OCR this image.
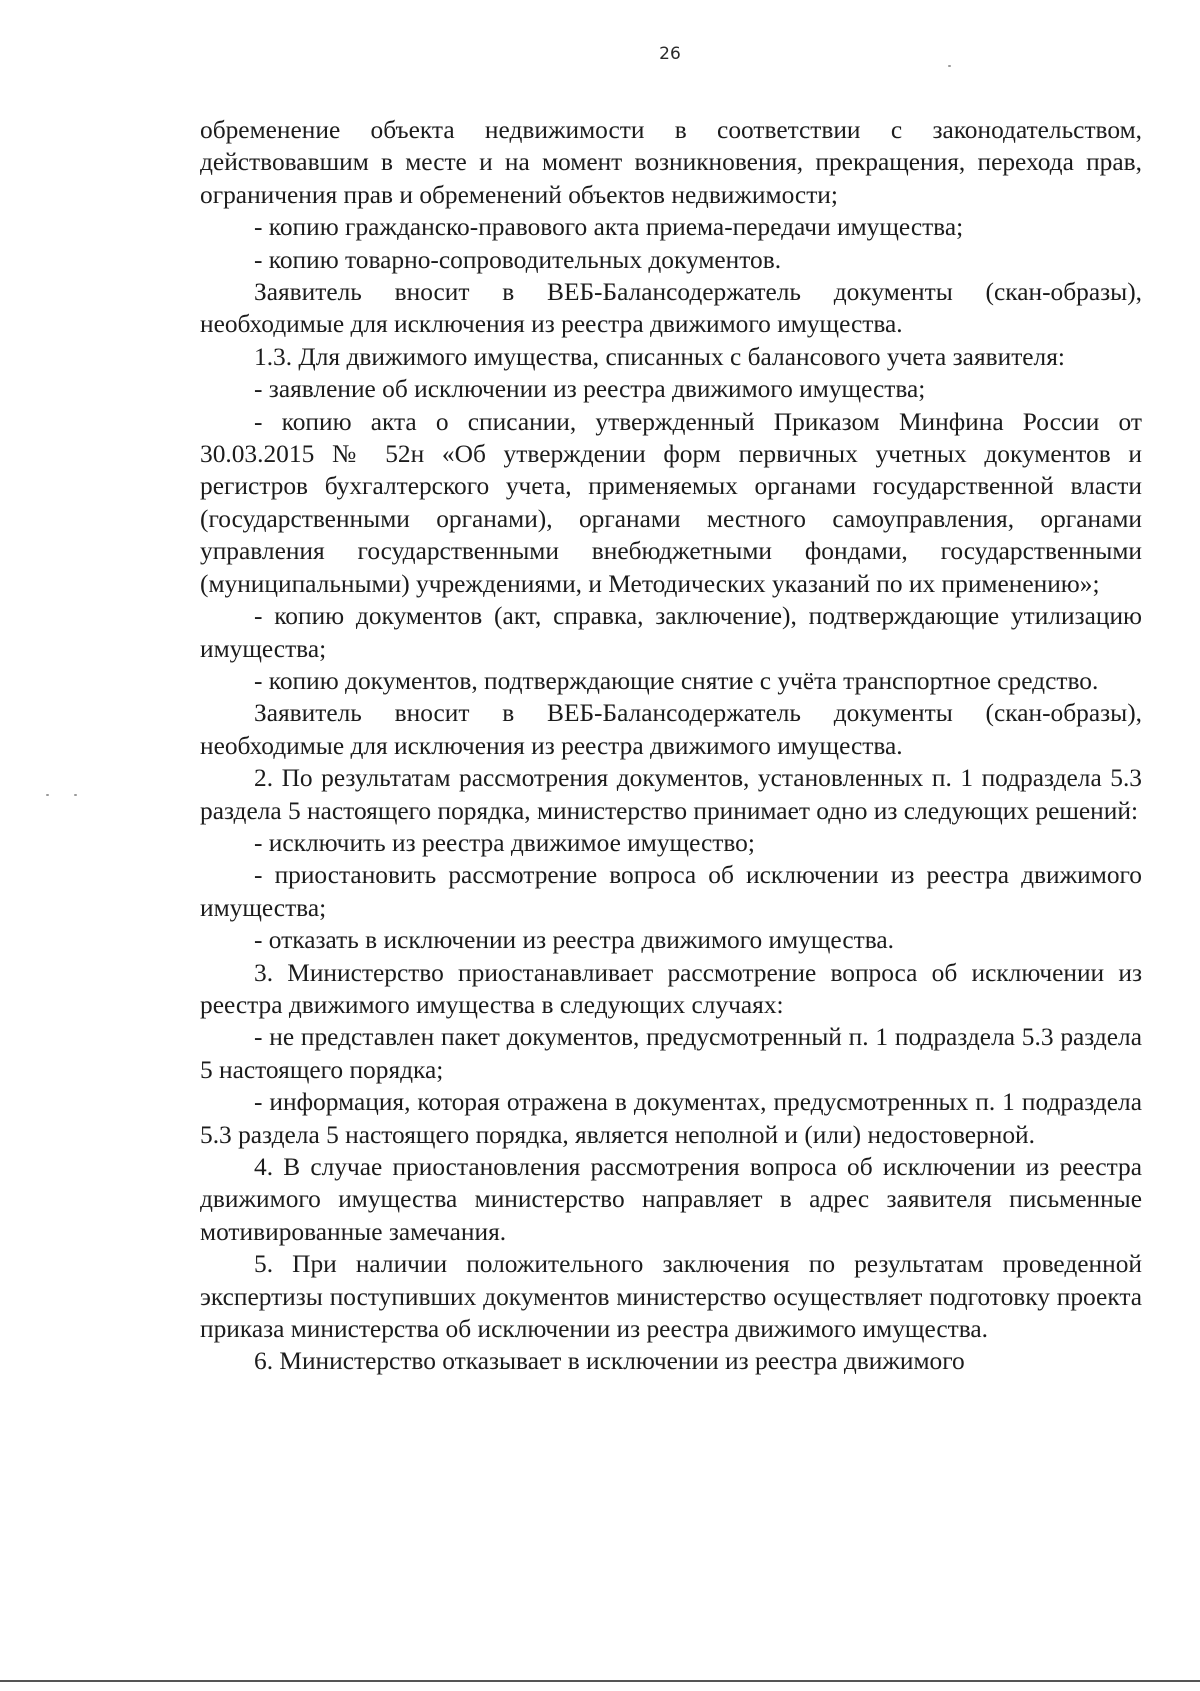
26

обременение объекта недвижимости в соответствии с законодательством, действовавшим в месте и на момент возникновения, прекращения, перехода прав, ограничения прав и обременений объектов недвижимости;

- копию гражданско-правового акта приема-передачи имущества;

- копию товарно-сопроводительных документов.

Заявитель вносит в ВЕБ-Балансодержатель документы (скан-образы), необходимые для исключения из реестра движимого имущества.

1.3. Для движимого имущества, списанных с балансового учета заявителя:

- заявление об исключении из реестра движимого имущества;

- копию акта о списании, утвержденный Приказом Минфина России от 30.03.2015 № 52н «Об утверждении форм первичных учетных документов и регистров бухгалтерского учета, применяемых органами государственной власти (государственными органами), органами местного самоуправления, органами управления государственными внебюджетными фондами, государственными (муниципальными) учреждениями, и Методических указаний по их применению»;

- копию документов (акт, справка, заключение), подтверждающие утилизацию имущества;

- копию документов, подтверждающие снятие с учёта транспортное средство.

Заявитель вносит в ВЕБ-Балансодержатель документы (скан-образы), необходимые для исключения из реестра движимого имущества.

2. По результатам рассмотрения документов, установленных п. 1 подраздела 5.3 раздела 5 настоящего порядка, министерство принимает одно из следующих решений:

- исключить из реестра движимое имущество;

- приостановить рассмотрение вопроса об исключении из реестра движимого имущества;

- отказать в исключении из реестра движимого имущества.

3. Министерство приостанавливает рассмотрение вопроса об исключении из реестра движимого имущества в следующих случаях:

- не представлен пакет документов, предусмотренный п. 1 подраздела 5.3 раздела 5 настоящего порядка;

- информация, которая отражена в документах, предусмотренных п. 1 подраздела 5.3 раздела 5 настоящего порядка, является неполной и (или) недостоверной.

4. В случае приостановления рассмотрения вопроса об исключении из реестра движимого имущества министерство направляет в адрес заявителя письменные мотивированные замечания.

5. При наличии положительного заключения по результатам проведенной экспертизы поступивших документов министерство осуществляет подготовку проекта приказа министерства об исключении из реестра движимого имущества.

6. Министерство отказывает в исключении из реестра движимого
